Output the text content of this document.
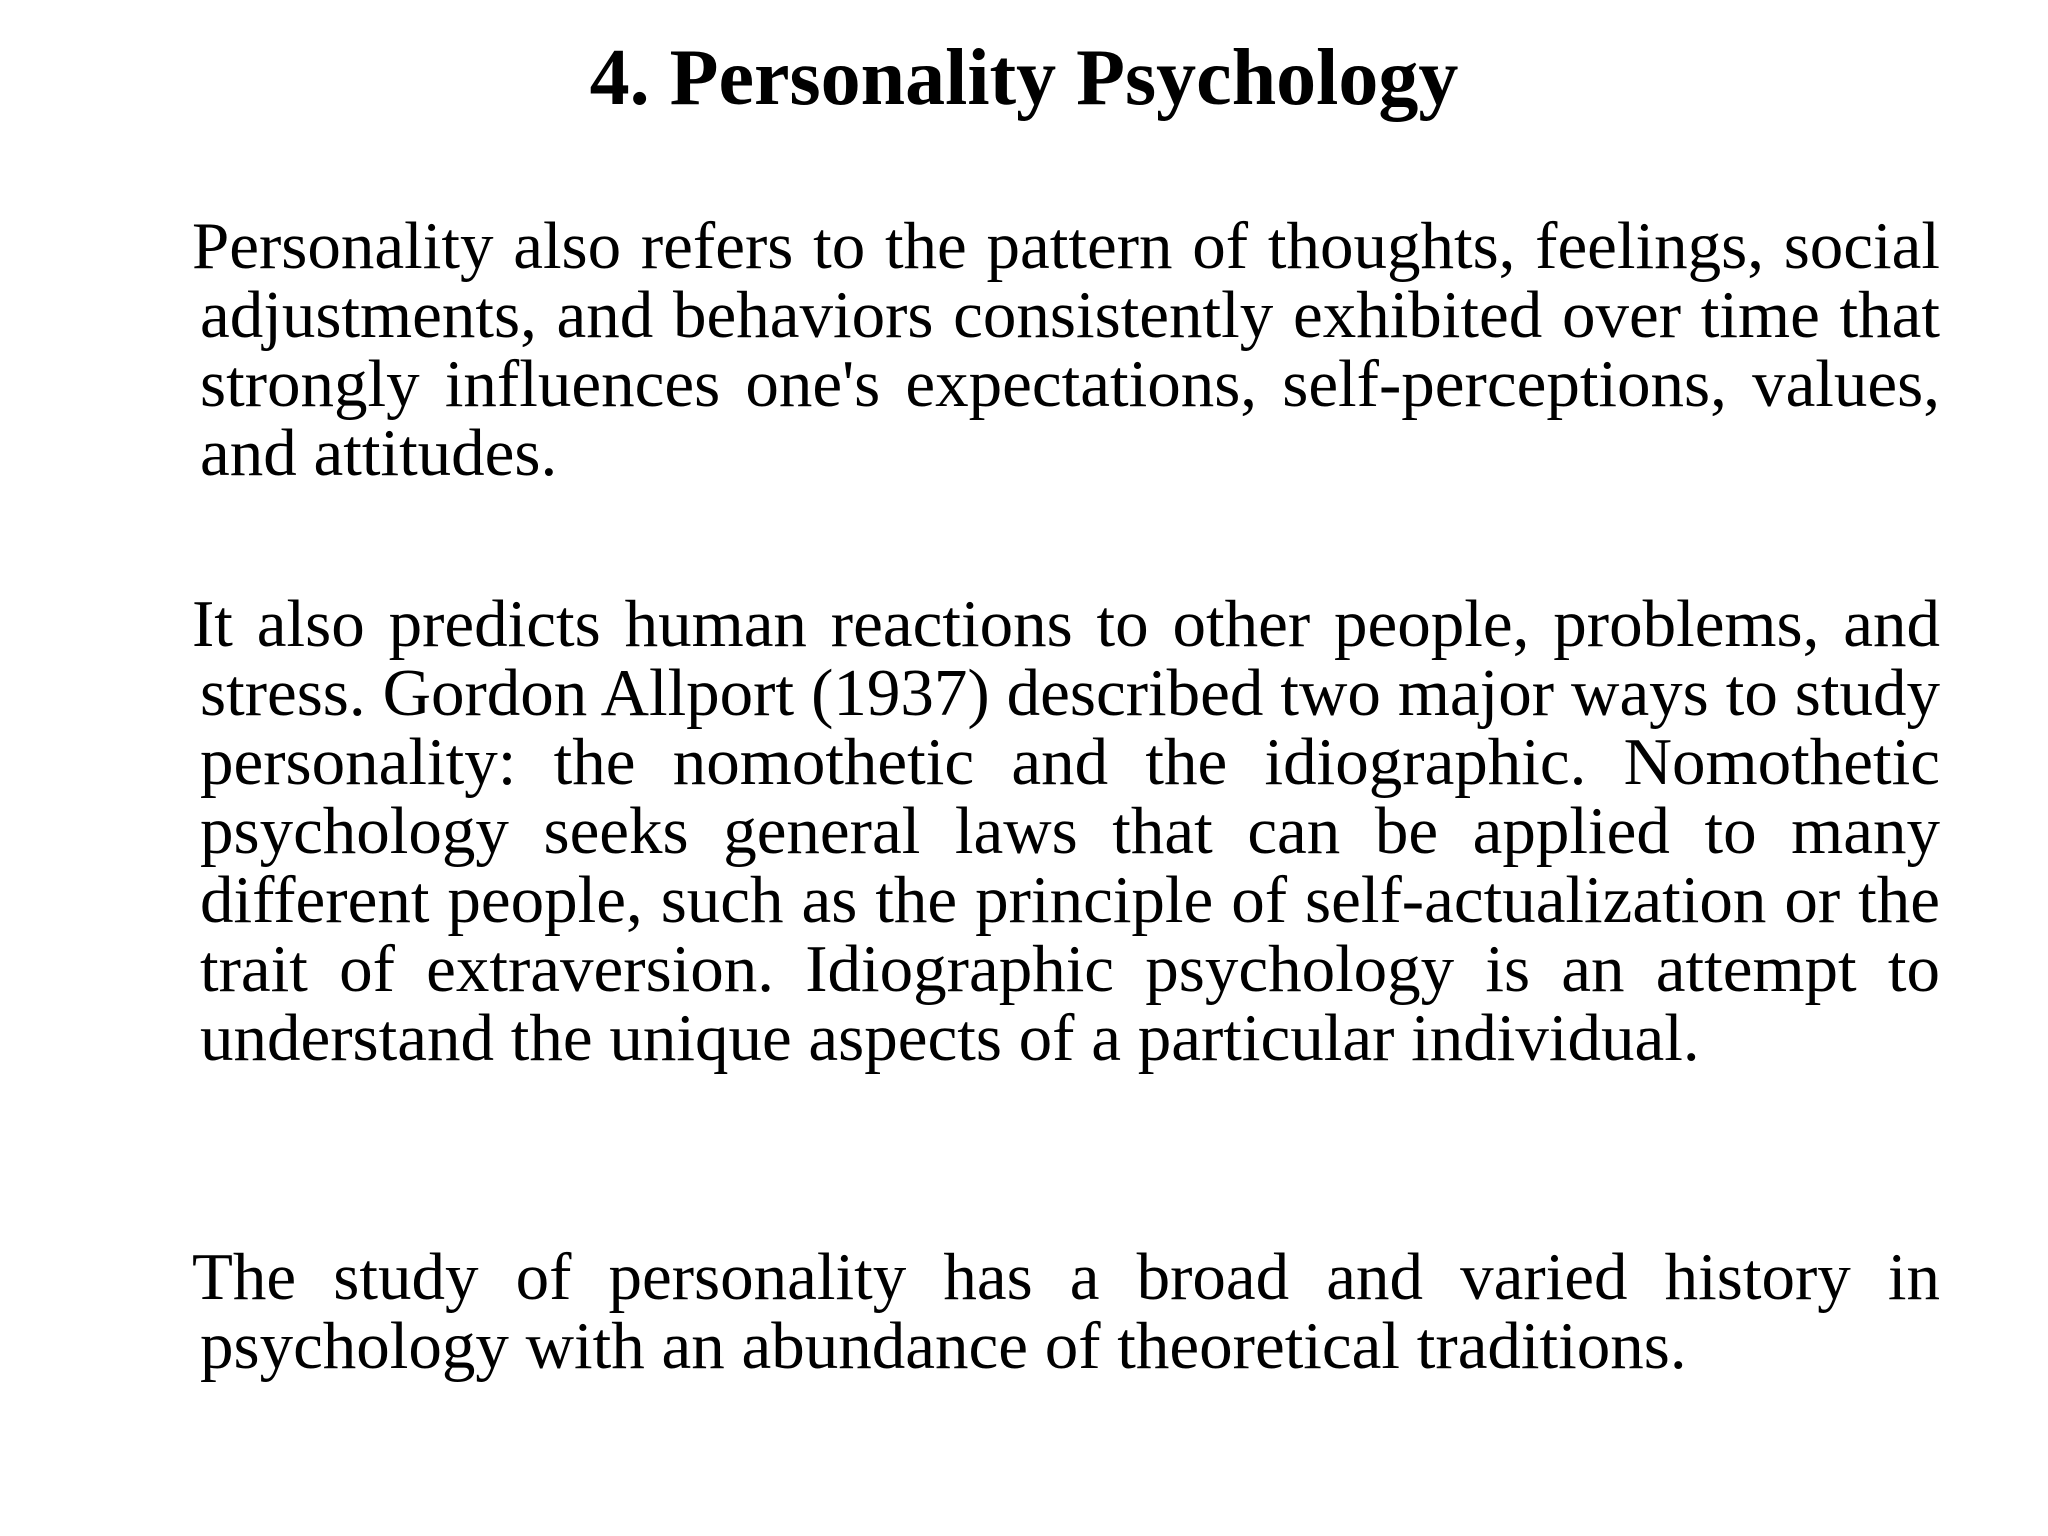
4. Personality Psychology

Personality also refers to the pattern of thoughts, feelings, social adjustments, and behaviors consistently exhibited over time that strongly influences one's expectations, self-perceptions, values, and attitudes.

It also predicts human reactions to other people, problems, and stress. Gordon Allport (1937) described two major ways to study personality: the nomothetic and the idiographic. Nomothetic psychology seeks general laws that can be applied to many different people, such as the principle of self-actualization or the trait of extraversion. Idiographic psychology is an attempt to understand the unique aspects of a particular individual.

The study of personality has a broad and varied history in psychology with an abundance of theoretical traditions.
